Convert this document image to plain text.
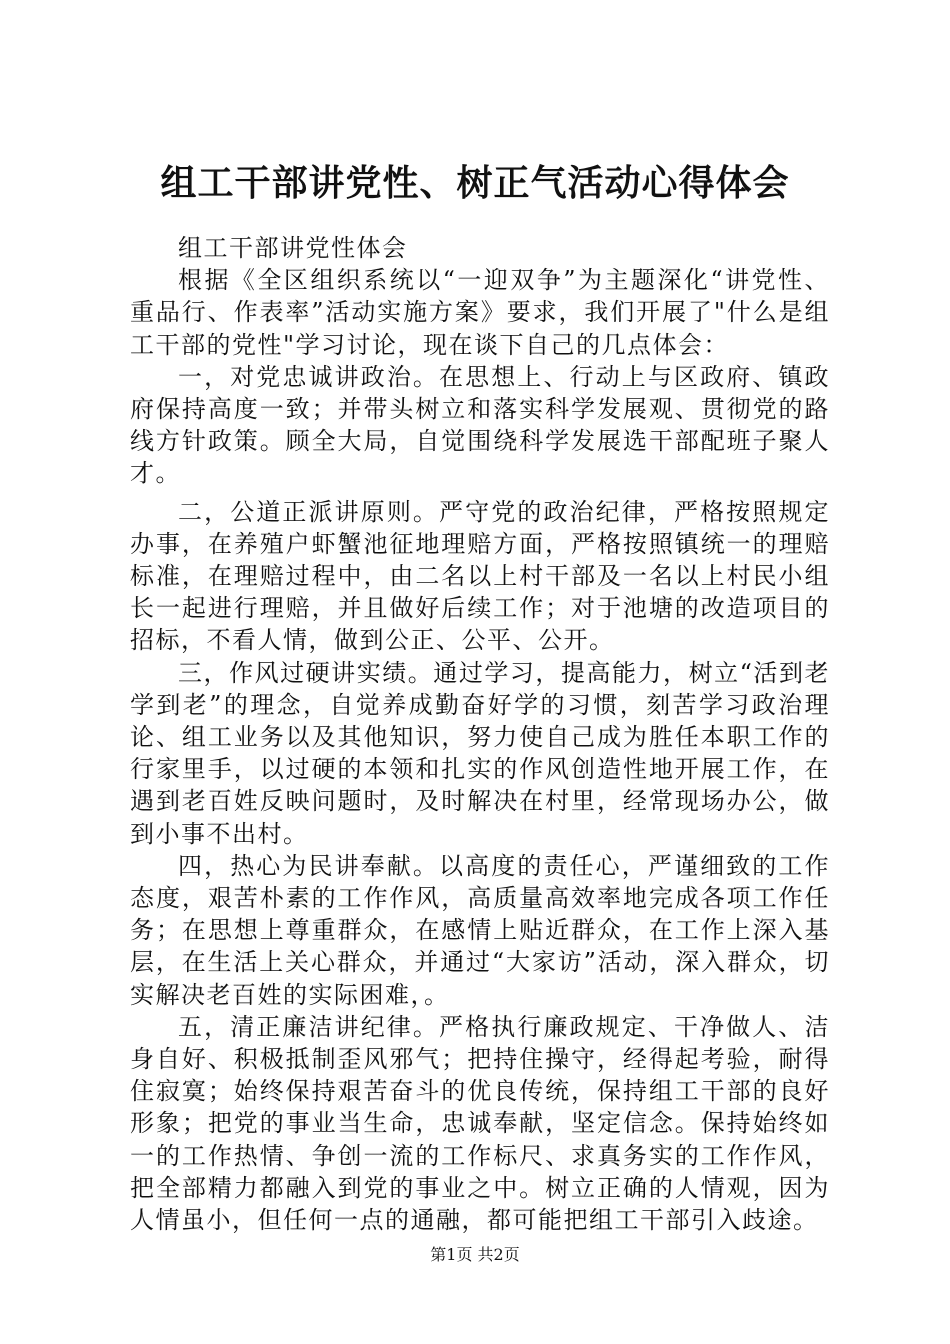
组工干部讲党性、树正气活动心得体会

组工干部讲党性体会

根据《全区组织系统以“一迎双争”为主题深化“讲党性、重品行、作表率”活动实施方案》要求，我们开展了"什么是组工干部的党性"学习讨论，现在谈下自己的几点体会：

一，对党忠诚讲政治。在思想上、行动上与区政府、镇政府保持高度一致；并带头树立和落实科学发展观、贯彻党的路线方针政策。顾全大局，自觉围绕科学发展选干部配班子聚人才。

二，公道正派讲原则。严守党的政治纪律，严格按照规定办事，在养殖户虾蟹池征地理赔方面，严格按照镇统一的理赔标准，在理赔过程中，由二名以上村干部及一名以上村民小组长一起进行理赔，并且做好后续工作；对于池塘的改造项目的招标，不看人情，做到公正、公平、公开。

三，作风过硬讲实绩。通过学习，提高能力，树立“活到老学到老”的理念，自觉养成勤奋好学的习惯，刻苦学习政治理论、组工业务以及其他知识，努力使自己成为胜任本职工作的行家里手，以过硬的本领和扎实的作风创造性地开展工作，在遇到老百姓反映问题时，及时解决在村里，经常现场办公，做到小事不出村。

四，热心为民讲奉献。以高度的责任心，严谨细致的工作态度，艰苦朴素的工作作风，高质量高效率地完成各项工作任务；在思想上尊重群众，在感情上贴近群众，在工作上深入基层，在生活上关心群众，并通过“大家访”活动，深入群众，切实解决老百姓的实际困难，。

五，清正廉洁讲纪律。严格执行廉政规定、干净做人、洁身自好、积极抵制歪风邪气；把持住操守，经得起考验，耐得住寂寞；始终保持艰苦奋斗的优良传统，保持组工干部的良好形象；把党的事业当生命，忠诚奉献，坚定信念。保持始终如一的工作热情、争创一流的工作标尺、求真务实的工作作风，把全部精力都融入到党的事业之中。树立正确的人情观，因为人情虽小，但任何一点的通融，都可能把组工干部引入歧途。

第1页 共2页
